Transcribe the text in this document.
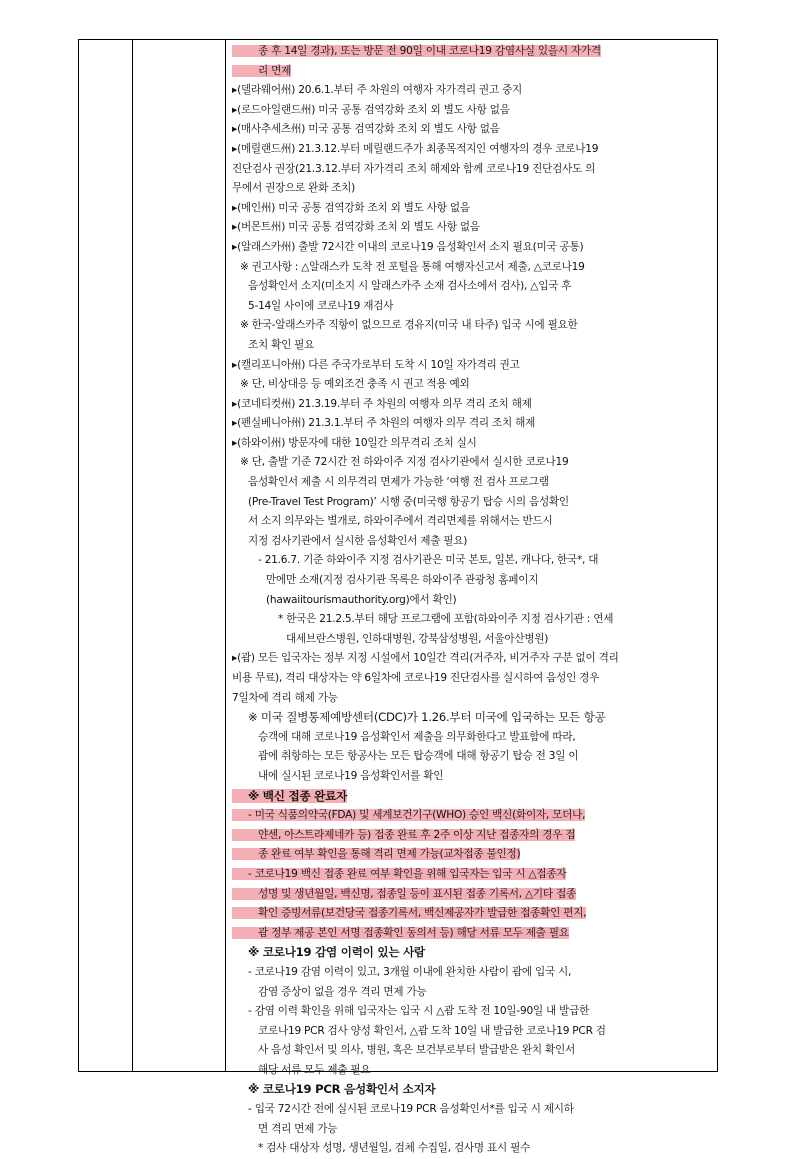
종 후 14일 경과), 또는 방문 전 90일 이내 코로나19 감염사실 있을시 자가격
리 면제
▸(델라웨어州) 20.6.1.부터 주 차원의 여행자 자가격리 권고 중지
▸(로드아일랜드州) 미국 공통 검역강화 조치 외 별도 사항 없음
▸(매사추세츠州) 미국 공통 검역강화 조치 외 별도 사항 없음
▸(메릴랜드州) 21.3.12.부터 메릴랜드주가 최종목적지인 여행자의 경우 코로나19
진단검사 권장(21.3.12.부터 자가격리 조치 해제와 함께 코로나19 진단검사도 의
무에서 권장으로 완화 조치)
▸(메인州) 미국 공통 검역강화 조치 외 별도 사항 없음
▸(버몬트州) 미국 공통 검역강화 조치 외 별도 사항 없음
▸(알래스카州) 출발 72시간 이내의 코로나19 음성확인서 소지 필요(미국 공통)
※ 권고사항 : △알래스카 도착 전 포털을 통해 여행자신고서 제출, △코로나19
음성확인서 소지(미소지 시 알래스카주 소재 검사소에서 검사), △입국 후
5-14일 사이에 코로나19 재검사
※ 한국-알래스카주 직항이 없으므로 경유지(미국 내 타주) 입국 시에 필요한
조치 확인 필요
▸(캘리포니아州) 다른 주국가로부터 도착 시 10일 자가격리 권고
※ 단, 비상대응 등 예외조건 충족 시 권고 적용 예외
▸(코네티컷州) 21.3.19.부터 주 차원의 여행자 의무 격리 조치 해제
▸(펜실베니아州) 21.3.1.부터 주 차원의 여행자 의무 격리 조치 해제
▸(하와이州) 방문자에 대한 10일간 의무격리 조치 실시
※ 단, 출발 기준 72시간 전 하와이주 지정 검사기관에서 실시한 코로나19
음성확인서 제출 시 의무격리 면제가 가능한 ‘여행 전 검사 프로그램
(Pre-Travel Test Program)’ 시행 중(미국행 항공기 탑승 시의 음성확인
서 소지 의무와는 별개로, 하와이주에서 격리면제를 위해서는 반드시
지정 검사기관에서 실시한 음성확인서 제출 필요)
- 21.6.7. 기준 하와이주 지정 검사기관은 미국 본토, 일본, 캐나다, 한국*, 대
만에만 소재(지정 검사기관 목록은 하와이주 관광청 홈페이지
(hawaiitourismauthority.org)에서 확인)
* 한국은 21.2.5.부터 해당 프로그램에 포함(하와이주 지정 검사기관 : 연세
대세브란스병원, 인하대병원, 강북삼성병원, 서울아산병원)
▸(괌) 모든 입국자는 정부 지정 시설에서 10일간 격리(거주자, 비거주자 구분 없이 격리
비용 무료), 격리 대상자는 약 6일차에 코로나19 진단검사를 실시하여 음성인 경우
7일차에 격리 해제 가능
※ 미국 질병통제예방센터(CDC)가 1.26.부터 미국에 입국하는 모든 항공
승객에 대해 코로나19 음성확인서 제출을 의무화한다고 발표함에 따라,
괌에 취항하는 모든 항공사는 모든 탑승객에 대해 항공기 탑승 전 3일 이
내에 실시된 코로나19 음성확인서를 확인
※ 백신 접종 완료자
- 미국 식품의약국(FDA) 및 세계보건기구(WHO) 승인 백신(화이자, 모더나,
얀센, 아스트라제네카 등) 접종 완료 후 2주 이상 지난 접종자의 경우 접
종 완료 여부 확인을 통해 격리 면제 가능(교차접종 불인정)
- 코로나19 백신 접종 완료 여부 확인을 위해 입국자는 입국 시 △접종자
성명 및 생년월일, 백신명, 접종일 등이 표시된 접종 기록서, △기타 접종
확인 증빙서류(보건당국 접종기록서, 백신제공자가 발급한 접종확인 편지,
괌 정부 제공 본인 서명 접종확인 동의서 등) 해당 서류 모두 제출 필요
※ 코로나19 감염 이력이 있는 사람
- 코로나19 감염 이력이 있고, 3개월 이내에 완치한 사람이 괌에 입국 시,
감염 증상이 없을 경우 격리 면제 가능
- 감염 이력 확인을 위해 입국자는 입국 시 △괌 도착 전 10일-90일 내 발급한
코로나19 PCR 검사 양성 확인서, △괌 도착 10일 내 발급한 코로나19 PCR 검
사 음성 확인서 및 의사, 병원, 혹은 보건부로부터 발급받은 완치 확인서
해당 서류 모두 제출 필요
※ 코로나19 PCR 음성확인서 소지자
- 입국 72시간 전에 실시된 코로나19 PCR 음성확인서*를 입국 시 제시하
면 격리 면제 가능
* 검사 대상자 성명, 생년월일, 검체 수집일, 검사명 표시 필수
